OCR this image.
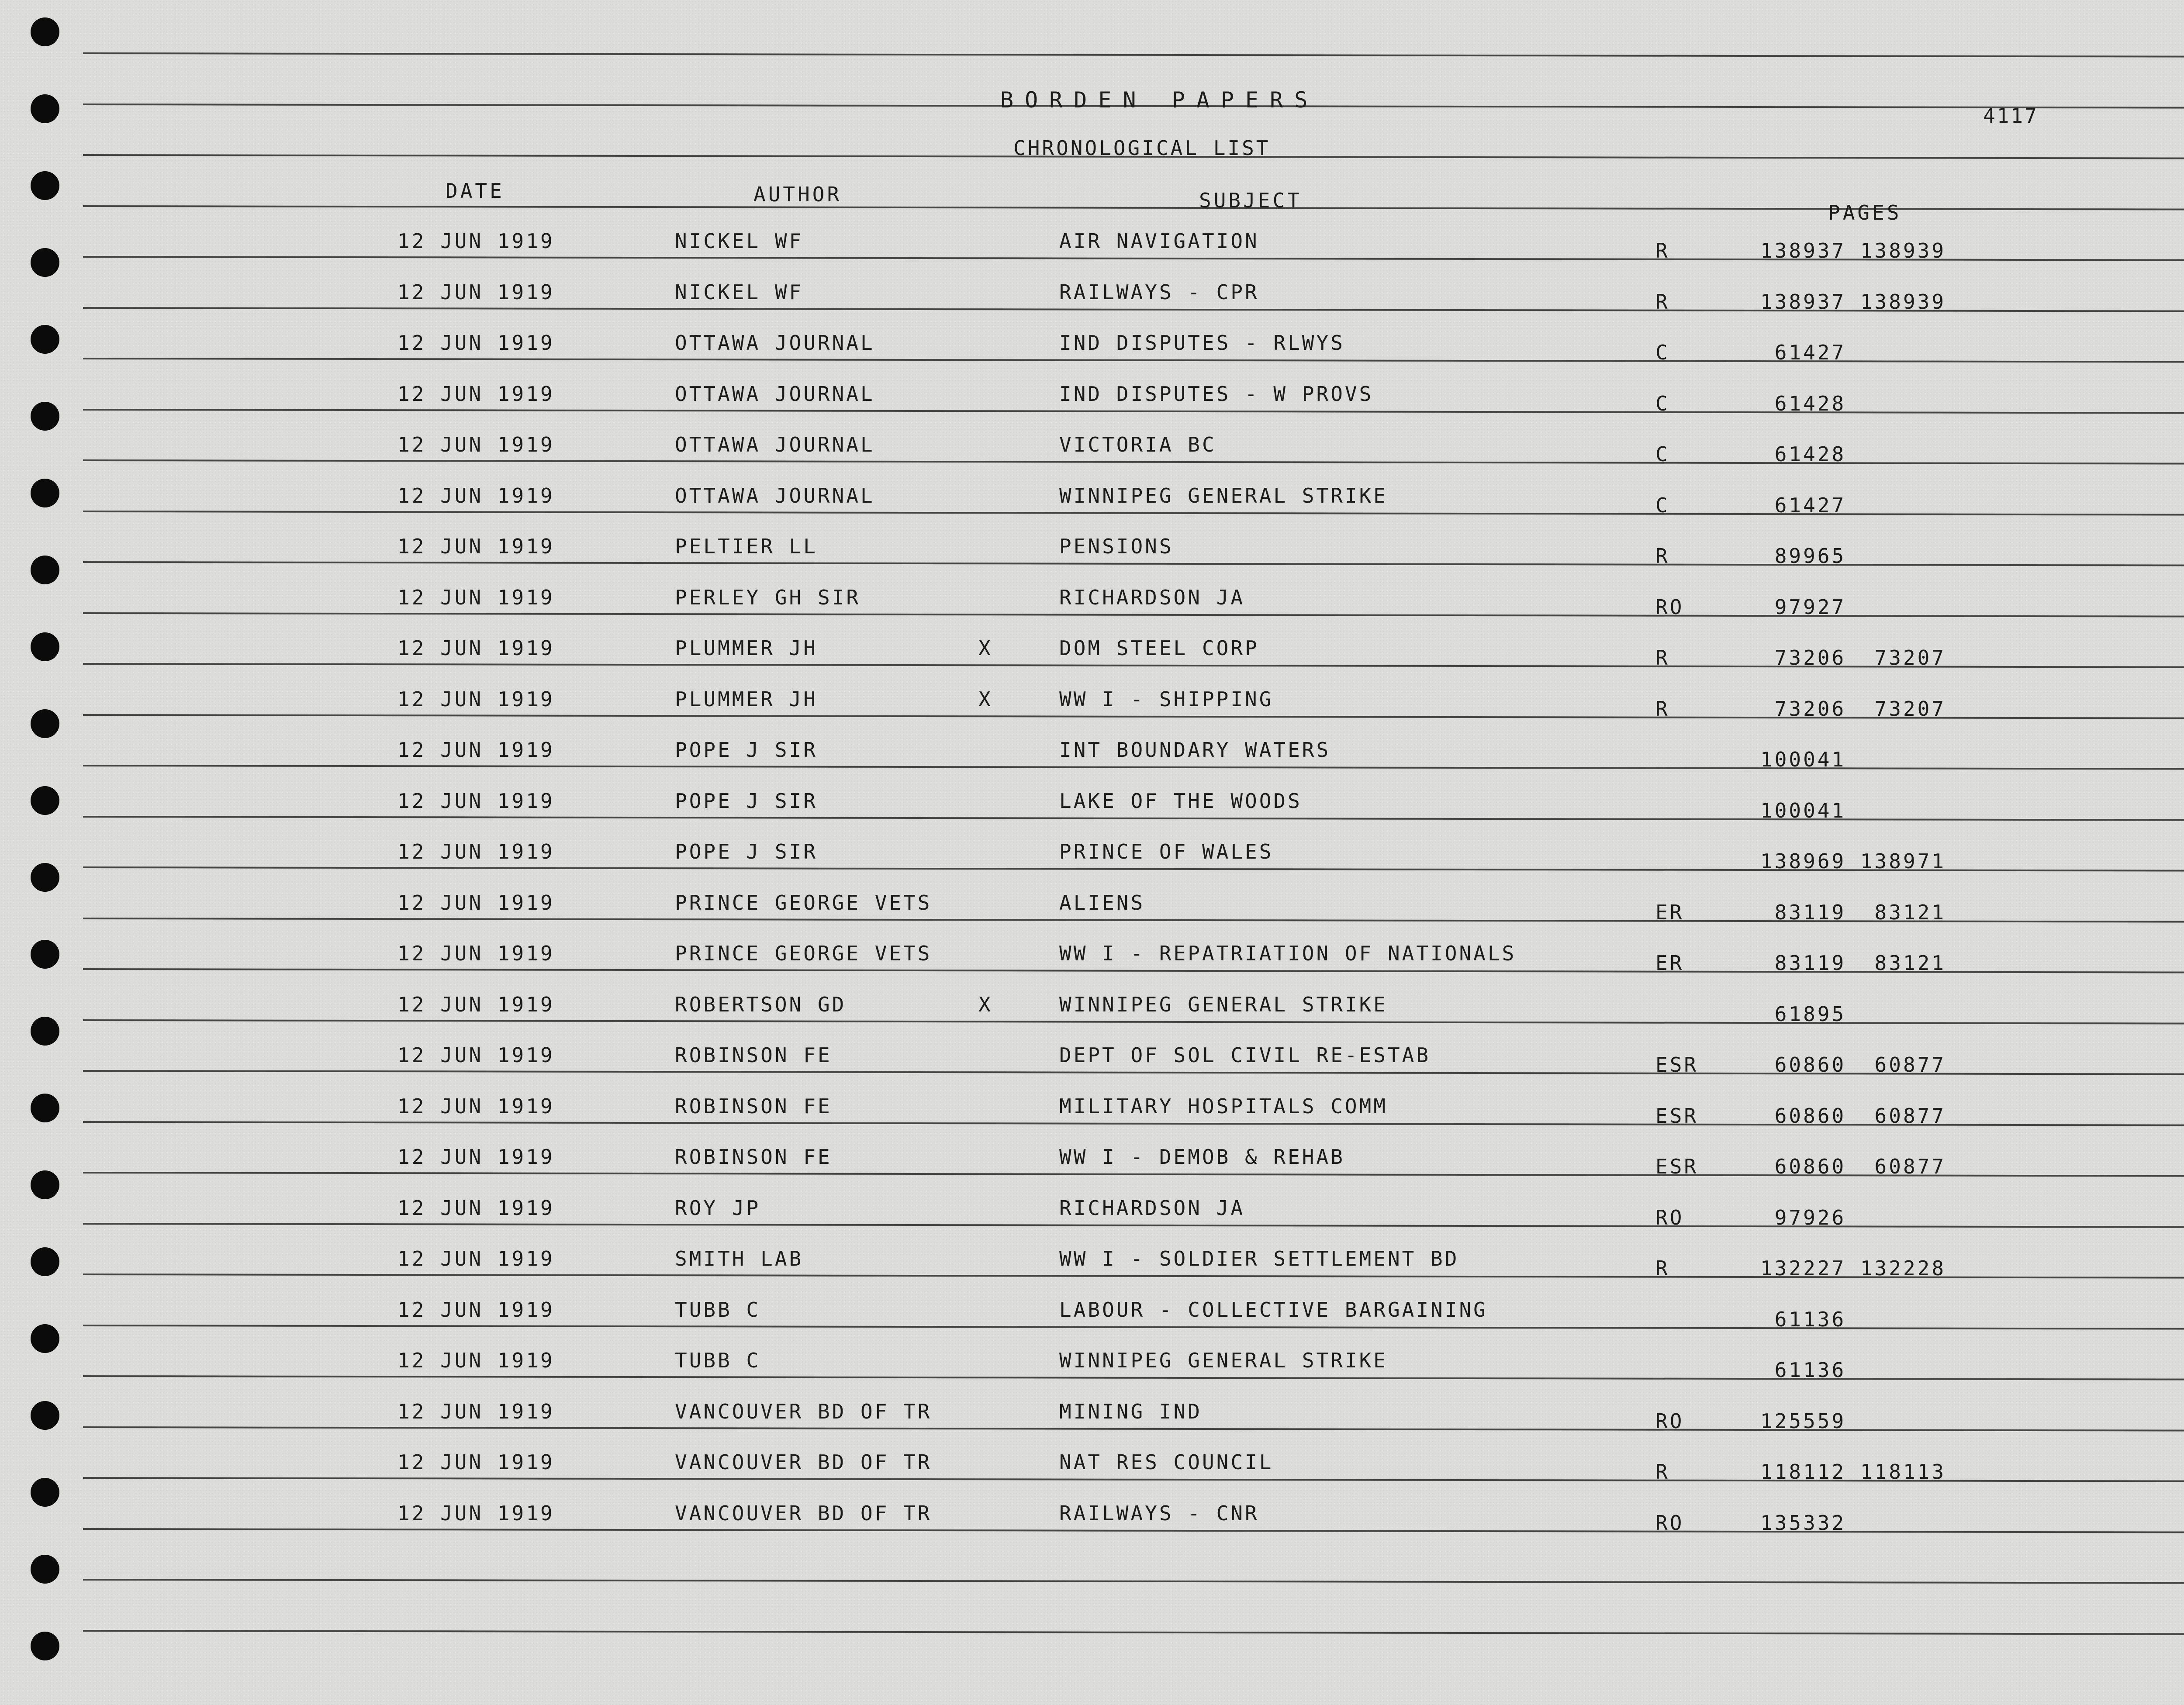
BORDEN PAPERS
4117
CHRONOLOGICAL LIST
DATE	AUTHOR	SUBJECT
PAGES
12 JUN 1919	NICKEL WF	AIR NAVIGATION	R	138937 138939
12 JUN 1919	NICKEL WF	RAILWAYS - CPR	R	138937 138939
12 JUN 1919	OTTAWA JOURNAL	IND DISPUTES - RLWYS	C	61427
12 JUN 1919	OTTAWA JOURNAL	IND DISPUTES - W PROVS	C	61428
12 JUN 1919	OTTAWA JOURNAL	VICTORIA BC	C	61428
12 JUN 1919	OTTAWA JOURNAL	WINNIPEG GENERAL STRIKE	C	61427
12 JUN 1919	PELTIER LL	PENSIONS	R	89965
12 JUN 1919	PERLEY GH SIR	RICHARDSON JA	RO	97927
12 JUN 1919	PLUMMER JH	X	DOM STEEL CORP	R	73206  73207
12 JUN 1919	PLUMMER JH	X	WW I - SHIPPING	R	73206  73207
12 JUN 1919	POPE J SIR	INT BOUNDARY WATERS	100041
12 JUN 1919	POPE J SIR	LAKE OF THE WOODS	100041
12 JUN 1919	POPE J SIR	PRINCE OF WALES	138969 138971
12 JUN 1919	PRINCE GEORGE VETS	ALIENS	ER	83119  83121
12 JUN 1919	PRINCE GEORGE VETS	WW I - REPATRIATION OF NATIONALS	ER	83119  83121
12 JUN 1919	ROBERTSON GD	X	WINNIPEG GENERAL STRIKE	61895
12 JUN 1919	ROBINSON FE	DEPT OF SOL CIVIL RE-ESTAB	ESR	60860  60877
12 JUN 1919	ROBINSON FE	MILITARY HOSPITALS COMM	ESR	60860  60877
12 JUN 1919	ROBINSON FE	WW I - DEMOB & REHAB	ESR	60860  60877
12 JUN 1919	ROY JP	RICHARDSON JA	RO	97926
12 JUN 1919	SMITH LAB	WW I - SOLDIER SETTLEMENT BD	R	132227 132228
12 JUN 1919	TUBB C	LABOUR - COLLECTIVE BARGAINING	61136
12 JUN 1919	TUBB C	WINNIPEG GENERAL STRIKE	61136
12 JUN 1919	VANCOUVER BD OF TR	MINING IND	RO	125559
12 JUN 1919	VANCOUVER BD OF TR	NAT RES COUNCIL	R	118112 118113
12 JUN 1919	VANCOUVER BD OF TR	RAILWAYS - CNR	RO	135332
